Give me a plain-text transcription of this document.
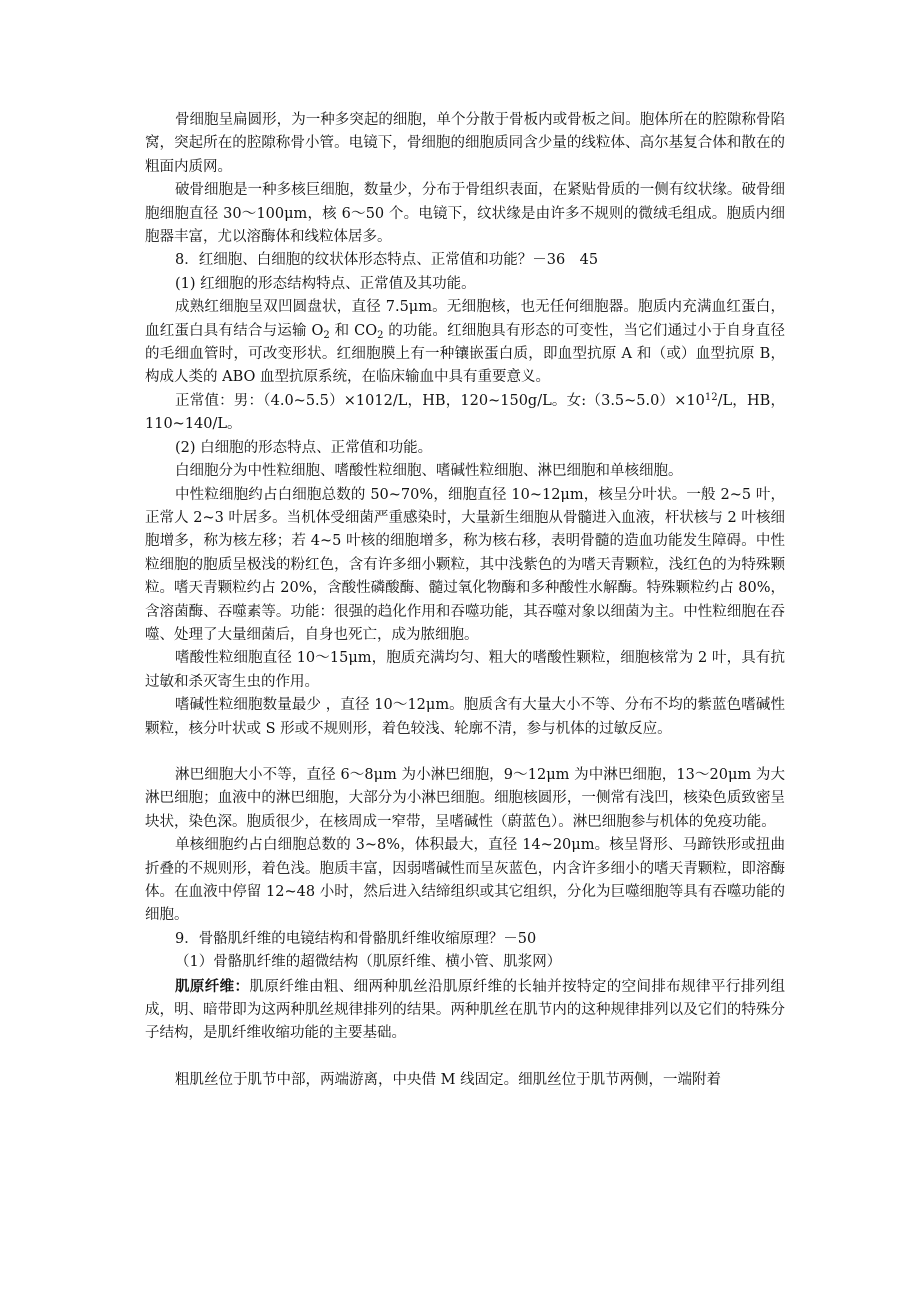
骨细胞呈扁圆形，为一种多突起的细胞，单个分散于骨板内或骨板之间。胞体所在的腔隙称骨陷窝，突起所在的腔隙称骨小管。电镜下，骨细胞的细胞质同含少量的线粒体、高尔基复合体和散在的粗面内质网。

破骨细胞是一种多核巨细胞，数量少，分布于骨组织表面，在紧贴骨质的一侧有纹状缘。破骨细胞细胞直径 30～100μm，核 6～50 个。电镜下，纹状缘是由许多不规则的微绒毛组成。胞质内细胞器丰富，尤以溶酶体和线粒体居多。

8．红细胞、白细胞的纹状体形态特点、正常值和功能？－36　45

(1) 红细胞的形态结构特点、正常值及其功能。

成熟红细胞呈双凹圆盘状，直径 7.5μm。无细胞核，也无任何细胞器。胞质内充满血红蛋白，血红蛋白具有结合与运输 $O_2$ 和 $CO_2$ 的功能。红细胞具有形态的可变性，当它们通过小于自身直径的毛细血管时，可改变形状。红细胞膜上有一种镶嵌蛋白质，即血型抗原 A 和（或）血型抗原 B，构成人类的 ABO 血型抗原系统，在临床输血中具有重要意义。

正常值：男：（4.0~5.5）×1012/L，HB，120~150g/L。女$:(3.5\sim 5.0)\times 10^{12}/L$，HB，110~140/L。

(2) 白细胞的形态特点、正常值和功能。

白细胞分为中性粒细胞、嗜酸性粒细胞、嗜碱性粒细胞、淋巴细胞和单核细胞。

中性粒细胞约占白细胞总数的 50~70%，细胞直径 10~12μm，核呈分叶状。一般 2~5 叶，正常人 2~3 叶居多。当机体受细菌严重感染时，大量新生细胞从骨髓进入血液，杆状核与 2 叶核细胞增多，称为核左移；若 4~5 叶核的细胞增多，称为核右移，表明骨髓的造血功能发生障碍。中性粒细胞的胞质呈极浅的粉红色，含有许多细小颗粒，其中浅紫色的为嗜天青颗粒，浅红色的为特殊颗粒。嗜天青颗粒约占 20%，含酸性磷酸酶、髓过氧化物酶和多种酸性水解酶。特殊颗粒约占 80%，含溶菌酶、吞噬素等。功能：很强的趋化作用和吞噬功能，其吞噬对象以细菌为主。中性粒细胞在吞噬、处理了大量细菌后，自身也死亡，成为脓细胞。

嗜酸性粒细胞直径 10～15μm，胞质充满均匀、粗大的嗜酸性颗粒，细胞核常为 2 叶，具有抗过敏和杀灭寄生虫的作用。

嗜碱性粒细胞数量最少 ，直径 10～12μm。胞质含有大量大小不等、分布不均的紫蓝色嗜碱性颗粒，核分叶状或 S 形或不规则形，着色较浅、轮廓不清，参与机体的过敏反应。

淋巴细胞大小不等，直径 6～8μm 为小淋巴细胞，9～12μm 为中淋巴细胞，13～20μm 为大淋巴细胞；血液中的淋巴细胞，大部分为小淋巴细胞。细胞核圆形，一侧常有浅凹，核染色质致密呈块状，染色深。胞质很少，在核周成一窄带，呈嗜碱性（蔚蓝色）。淋巴细胞参与机体的免疫功能。

单核细胞约占白细胞总数的 3~8%，体积最大，直径 14~20μm。核呈肾形、马蹄铁形或扭曲折叠的不规则形，着色浅。胞质丰富，因弱嗜碱性而呈灰蓝色，内含许多细小的嗜天青颗粒，即溶酶体。在血液中停留 12~48 小时，然后进入结缔组织或其它组织，分化为巨噬细胞等具有吞噬功能的细胞。

9．骨骼肌纤维的电镜结构和骨骼肌纤维收缩原理？－50

（1）骨骼肌纤维的超微结构（肌原纤维、横小管、肌浆网）

肌原纤维：肌原纤维由粗、细两种肌丝沿肌原纤维的长轴并按特定的空间排布规律平行排列组成，明、暗带即为这两种肌丝规律排列的结果。两种肌丝在肌节内的这种规律排列以及它们的特殊分子结构，是肌纤维收缩功能的主要基础。

粗肌丝位于肌节中部，两端游离，中央借 M 线固定。细肌丝位于肌节两侧，一端附着
